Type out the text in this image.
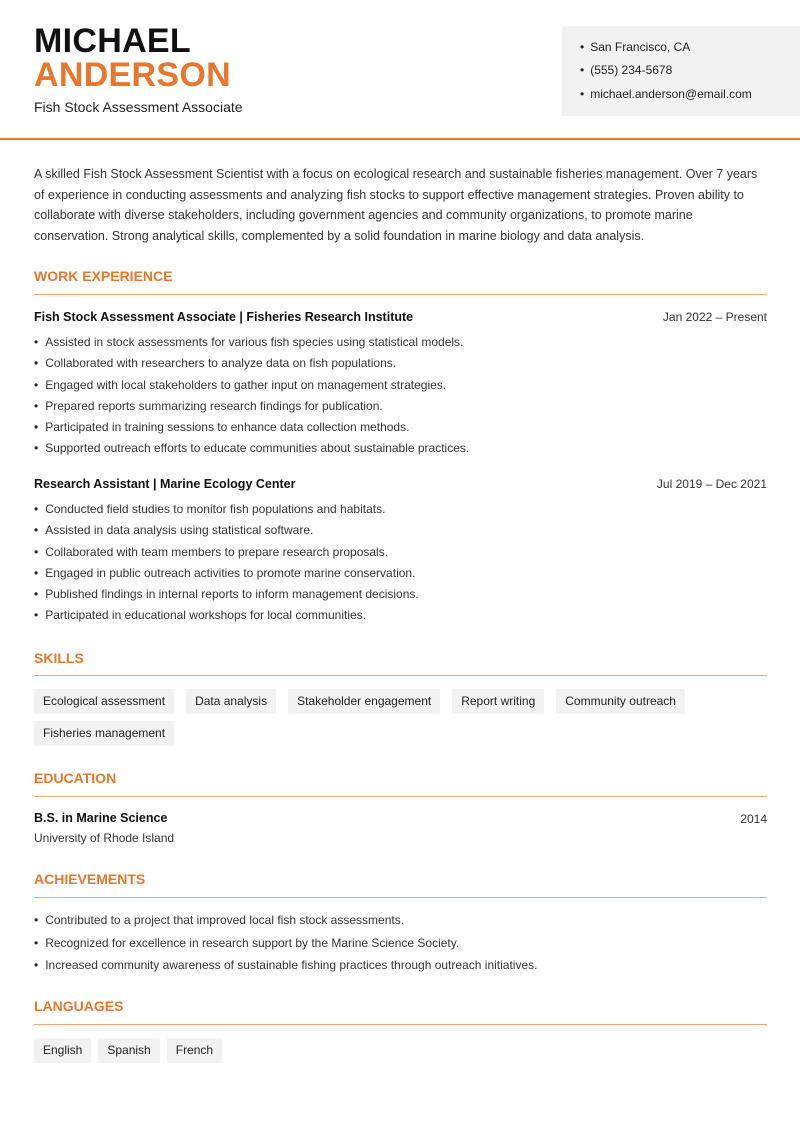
MICHAEL
ANDERSON
Fish Stock Assessment Associate
• San Francisco, CA
• (555) 234-5678
• michael.anderson@email.com
A skilled Fish Stock Assessment Scientist with a focus on ecological research and sustainable fisheries management. Over 7 years of experience in conducting assessments and analyzing fish stocks to support effective management strategies. Proven ability to collaborate with diverse stakeholders, including government agencies and community organizations, to promote marine conservation. Strong analytical skills, complemented by a solid foundation in marine biology and data analysis.
WORK EXPERIENCE
Fish Stock Assessment Associate | Fisheries Research Institute	Jan 2022 – Present
• Assisted in stock assessments for various fish species using statistical models.
• Collaborated with researchers to analyze data on fish populations.
• Engaged with local stakeholders to gather input on management strategies.
• Prepared reports summarizing research findings for publication.
• Participated in training sessions to enhance data collection methods.
• Supported outreach efforts to educate communities about sustainable practices.
Research Assistant | Marine Ecology Center	Jul 2019 – Dec 2021
• Conducted field studies to monitor fish populations and habitats.
• Assisted in data analysis using statistical software.
• Collaborated with team members to prepare research proposals.
• Engaged in public outreach activities to promote marine conservation.
• Published findings in internal reports to inform management decisions.
• Participated in educational workshops for local communities.
SKILLS
Ecological assessment	Data analysis	Stakeholder engagement	Report writing	Community outreachFisheries management
EDUCATION
B.S. in Marine Science	2014
University of Rhode Island
ACHIEVEMENTS
• Contributed to a project that improved local fish stock assessments.
• Recognized for excellence in research support by the Marine Science Society.
• Increased community awareness of sustainable fishing practices through outreach initiatives.
LANGUAGES
English Spanish French
